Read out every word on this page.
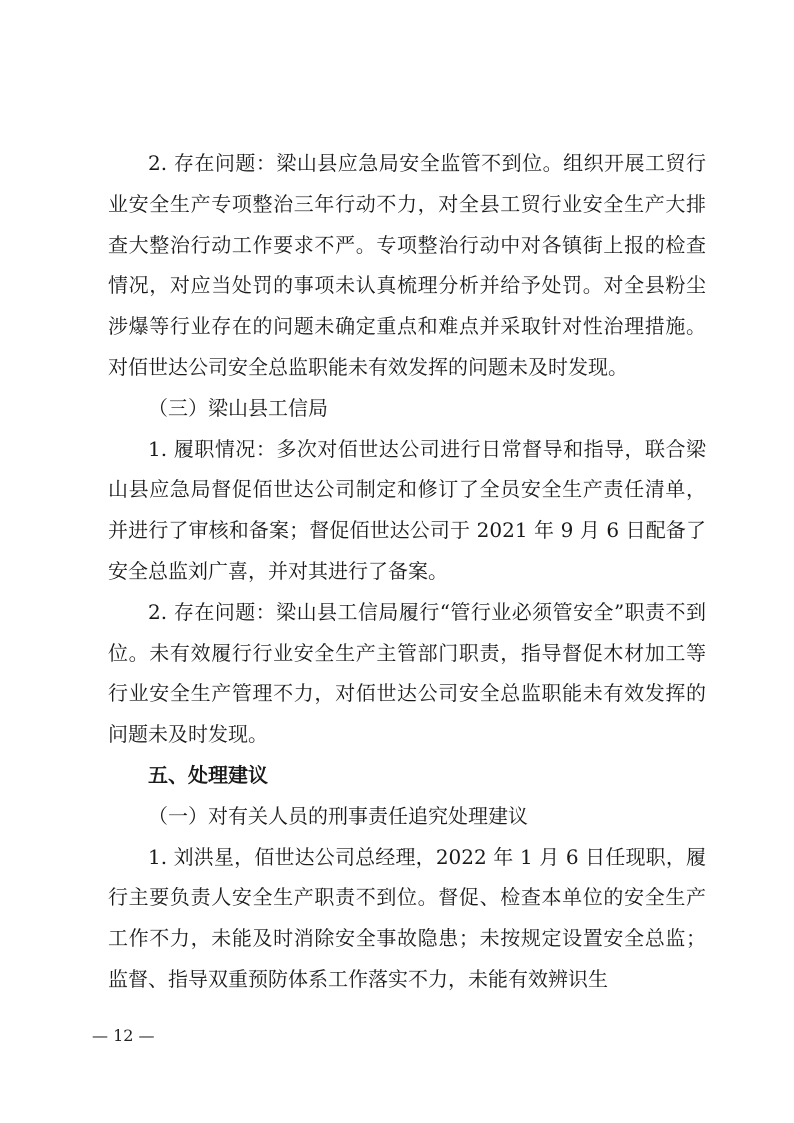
2. 存在问题：梁山县应急局安全监管不到位。组织开展工贸行业安全生产专项整治三年行动不力，对全县工贸行业安全生产大排查大整治行动工作要求不严。专项整治行动中对各镇街上报的检查情况，对应当处罚的事项未认真梳理分析并给予处罚。对全县粉尘涉爆等行业存在的问题未确定重点和难点并采取针对性治理措施。对佰世达公司安全总监职能未有效发挥的问题未及时发现。

（三）梁山县工信局

1. 履职情况：多次对佰世达公司进行日常督导和指导，联合梁山县应急局督促佰世达公司制定和修订了全员安全生产责任清单，并进行了审核和备案；督促佰世达公司于 2021 年 9 月 6 日配备了安全总监刘广喜，并对其进行了备案。

2. 存在问题：梁山县工信局履行“管行业必须管安全”职责不到位。未有效履行行业安全生产主管部门职责，指导督促木材加工等行业安全生产管理不力，对佰世达公司安全总监职能未有效发挥的问题未及时发现。

五、处理建议

（一）对有关人员的刑事责任追究处理建议

1. 刘洪星，佰世达公司总经理，2022 年 1 月 6 日任现职，履行主要负责人安全生产职责不到位。督促、检查本单位的安全生产工作不力，未能及时消除安全事故隐患；未按规定设置安全总监；监督、指导双重预防体系工作落实不力，未能有效辨识生

— 12 —
